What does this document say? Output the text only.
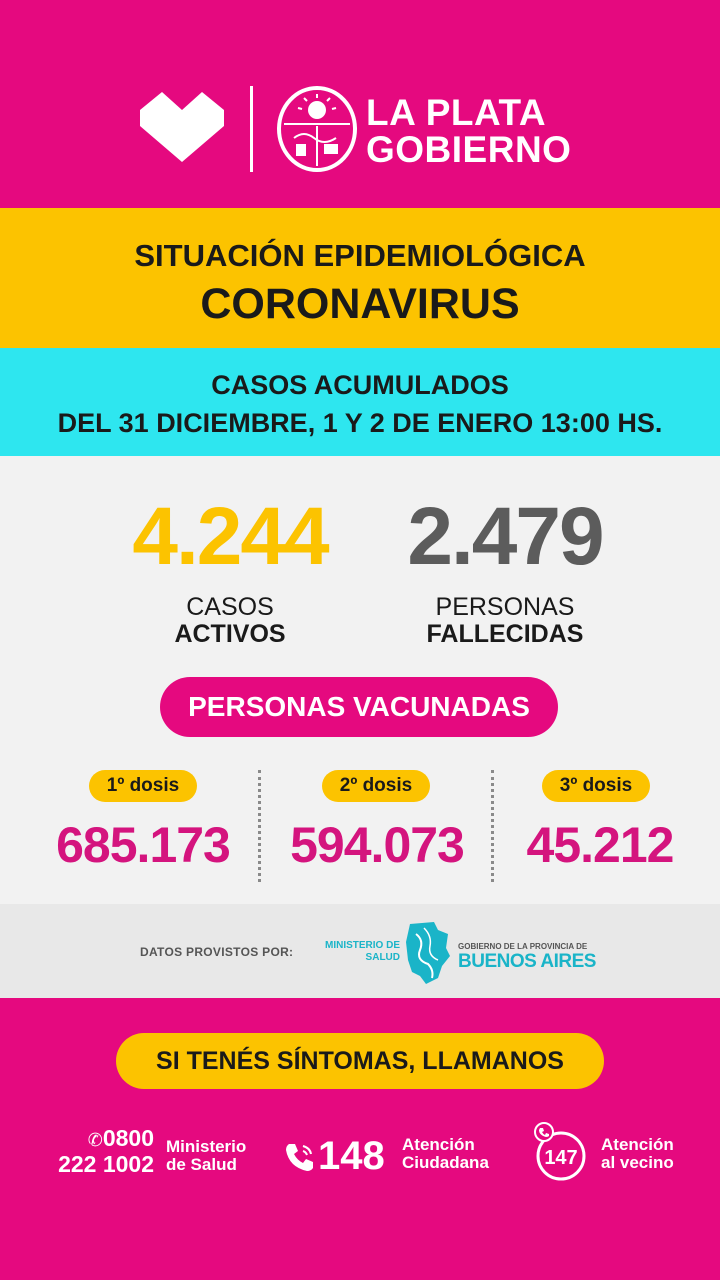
LA PLATA
GOBIERNO
SITUACIÓN EPIDEMIOLÓGICA
CORONAVIRUS
CASOS ACUMULADOS
DEL 31 DICIEMBRE, 1 Y 2 DE ENERO 13:00 HS.
4.244 2.479
CASOS
ACTIVOS
PERSONAS
FALLECIDAS
PERSONAS VACUNADAS
1º dosis	2º dosis	3º dosis
685.173	594.073	45.212
DATOS PROVISTOS POR:	MINISTERIO DE
SALUD
GOBIERNO DE LA PROVINCIA DE
BUENOS AIRES
SI TENÉS SÍNTOMAS, LLAMANOS
✆0800
222 1002
Ministerio
de Salud 148 Atención
Ciudadana	147
Atención
al vecino
